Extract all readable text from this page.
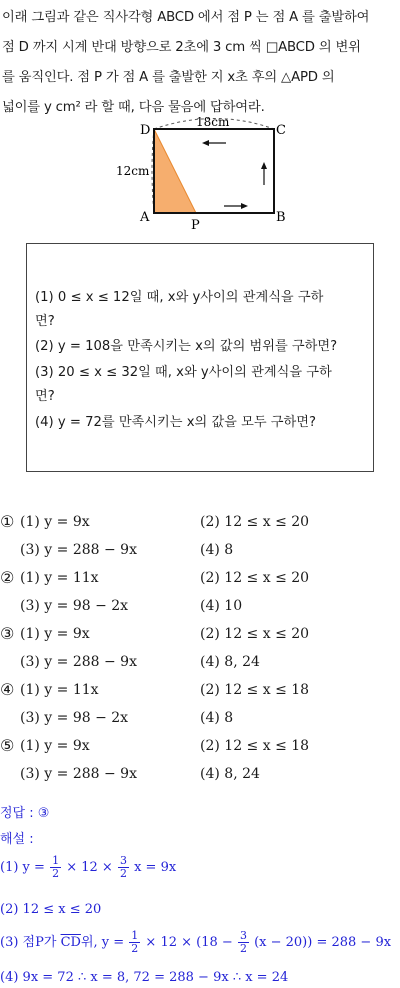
이래 그림과 같은 직사각형 ABCD 에서 점 P 는 점 A 를 출발하여

점 D 까지 시계 반대 방향으로 2초에 3 cm 씩 □ABCD 의 변위

를 움직인다. 점 P 가 점 A 를 출발한 지 x초 후의 △APD 의

넓이를 y cm² 라 할 때, 다음 물음에 답하여라.

D	C
A	B
P
18cm
12cm
(1) 0 ≤ x ≤ 12일 때, x와 y사이의 관계식을 구하
면?
(2) y = 108을 만족시키는 x의 값의 범위를 구하면?
(3) 20 ≤ x ≤ 32일 때, x와 y사이의 관계식을 구하
면?
(4) y = 72를 만족시키는 x의 값을 모두 구하면?
① (1) y = 9x	(2) 12 ≤ x ≤ 20
(3) y = 288 − 9x	(4) 8
② (1) y = 11x	(2) 12 ≤ x ≤ 20
(3) y = 98 − 2x	(4) 10
③ (1) y = 9x	(2) 12 ≤ x ≤ 20
(3) y = 288 − 9x	(4) 8, 24
④ (1) y = 11x	(2) 12 ≤ x ≤ 18
(3) y = 98 − 2x	(4) 8
⑤ (1) y = 9x	(2) 12 ≤ x ≤ 18
(3) y = 288 − 9x	(4) 8, 24
정답 : ③
해설 :
(1) $y = \frac{1}{2} \times 12 \times \frac{3}{2}$ x = 9x
(2) 12 ≤ x ≤ 20
(3) 점P가 $\overline{CD}$위, $y = \frac{1}{2} \times 12 \times (18 - \frac{3}{2} (x - 20)) = 288 - 9x$
(4) 9x = 72 ∴ x = 8, 72 = 288 − 9x ∴ x = 24
